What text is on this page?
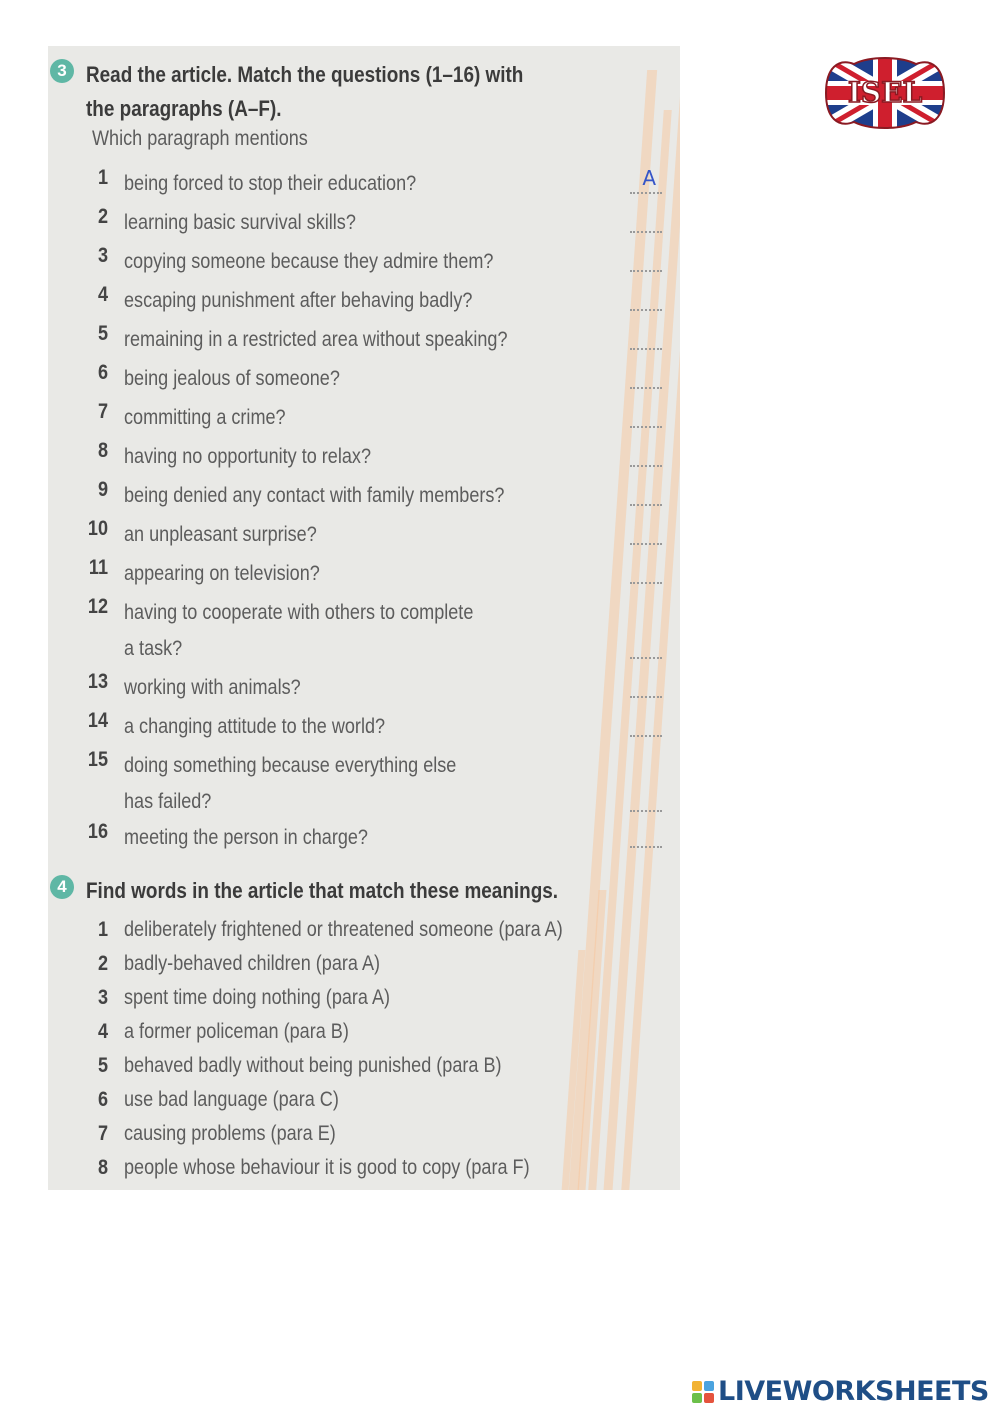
3 Read the article. Match the questions (1–16) with
the paragraphs (A–F).
Which paragraph mentions
1 being forced to stop their education?	A
2 learning basic survival skills?
3 copying someone because they admire them?
4 escaping punishment after behaving badly?
5 remaining in a restricted area without speaking?
6 being jealous of someone?
7 committing a crime?
8 having no opportunity to relax?
9 being denied any contact with family members?
10 an unpleasant surprise?
11 appearing on television?
12 having to cooperate with others to complete
a task?
13 working with animals?
14 a changing attitude to the world?
15 doing something because everything else
has failed?
16 meeting the person in charge?
4 Find words in the article that match these meanings.
1 deliberately frightened or threatened someone (para A)
2 badly-behaved children (para A)
3 spent time doing nothing (para A)
4 a former policeman (para B)
5 behaved badly without being punished (para B)
6 use bad language (para C)
7 causing problems (para E)
8 people whose behaviour it is good to copy (para F)
ISEL
LIVEWORKSHEETS
